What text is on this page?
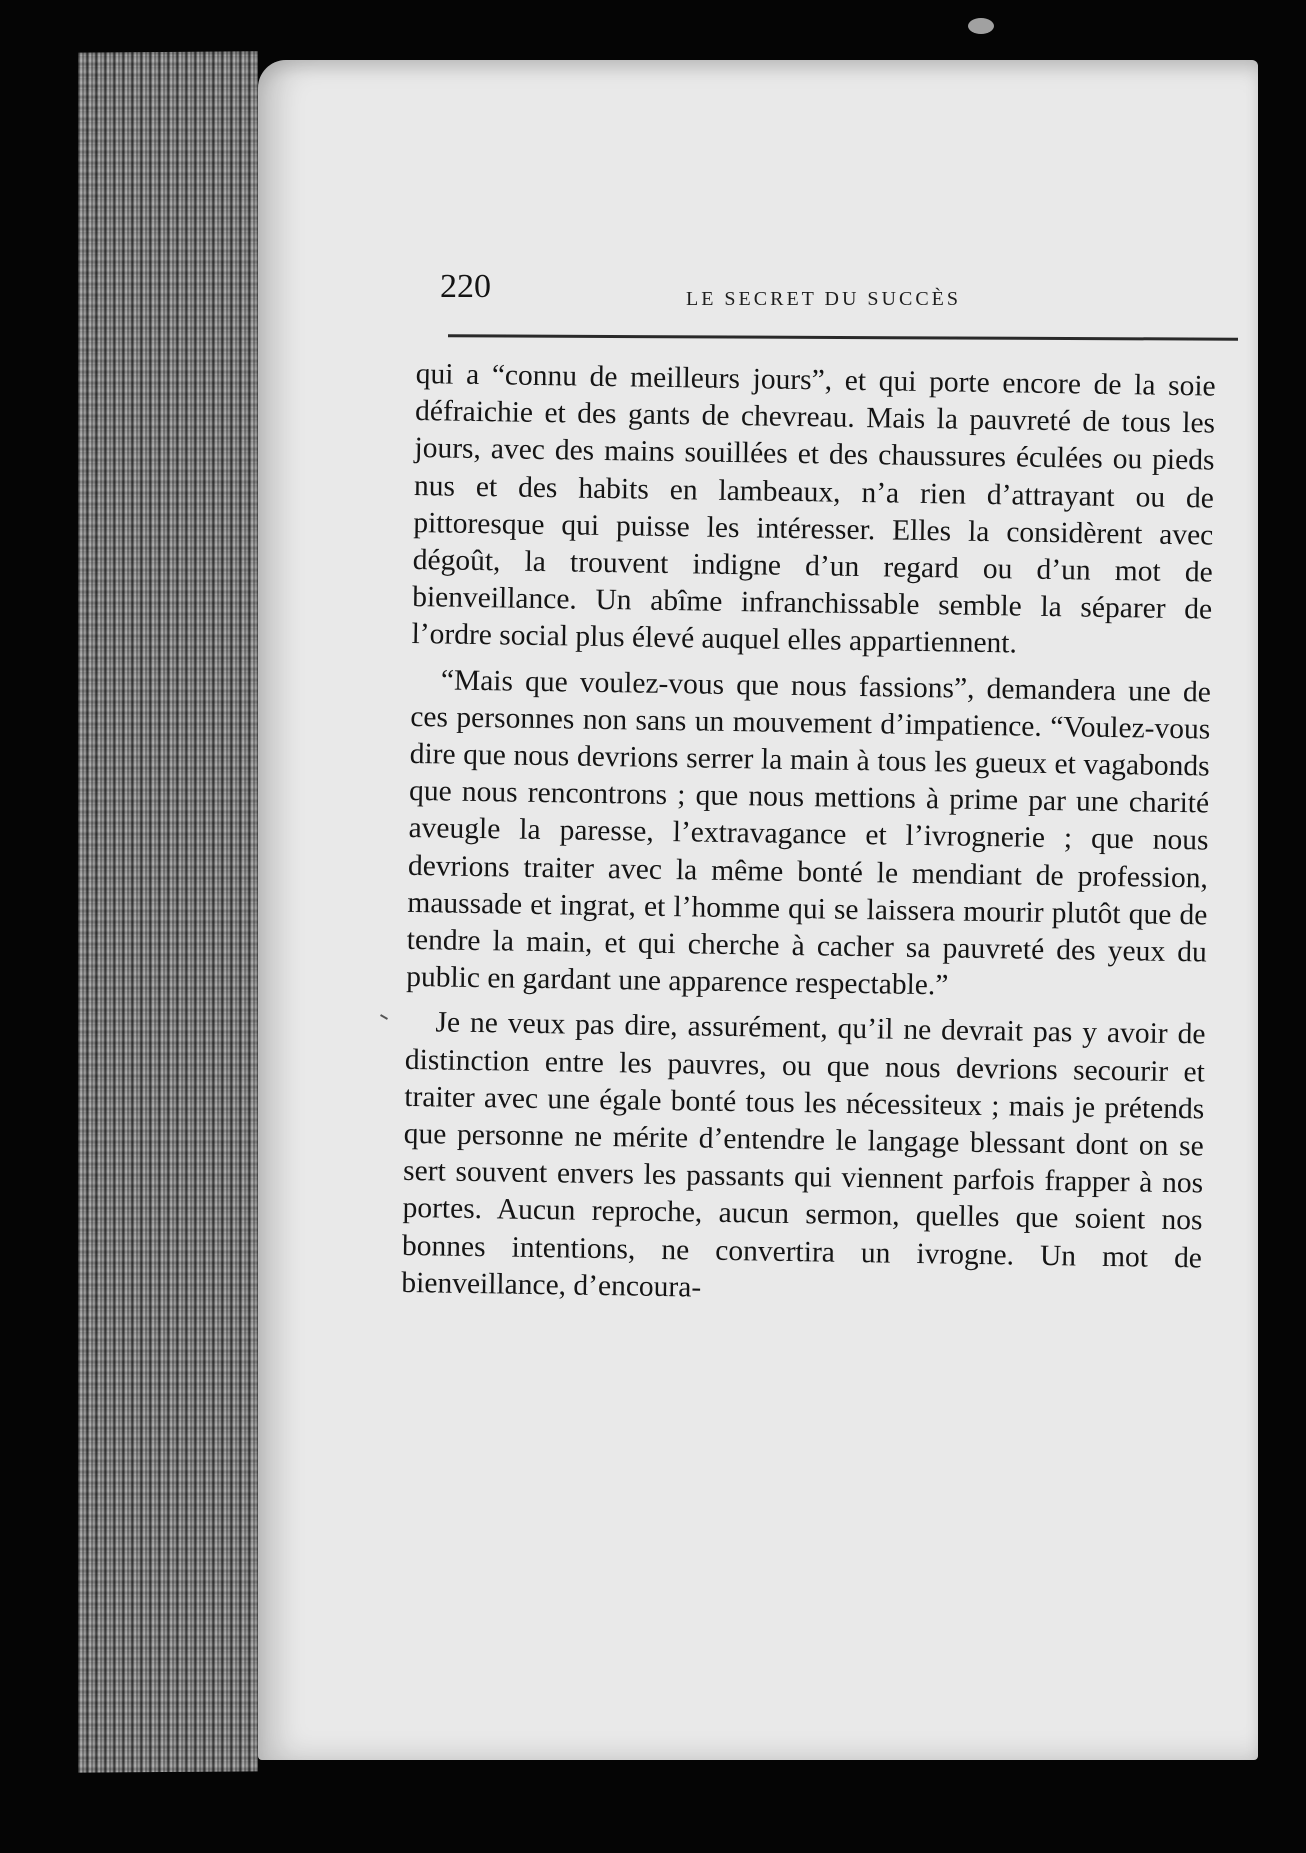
220	LE SECRET DU SUCCÈS

qui a “connu de meilleurs jours”, et qui porte encore de la soie défraichie et des gants de chevreau. Mais la pauvreté de tous les jours, avec des mains souillées et des chaussures éculées ou pieds nus et des habits en lambeaux, n’a rien d’attrayant ou de pittoresque qui puisse les intéresser. Elles la considèrent avec dégoût, la trouvent indigne d’un regard ou d’un mot de bienveillance. Un abîme infranchissable semble la séparer de l’ordre social plus élevé auquel elles appartiennent.

“Mais que voulez-vous que nous fassions”, demandera une de ces personnes non sans un mouvement d’impatience. “Voulez-vous dire que nous devrions serrer la main à tous les gueux et vagabonds que nous rencontrons ; que nous mettions à prime par une charité aveugle la paresse, l’extravagance et l’ivrognerie ; que nous devrions traiter avec la même bonté le mendiant de profession, maussade et ingrat, et l’homme qui se laissera mourir plutôt que de tendre la main, et qui cherche à cacher sa pauvreté des yeux du public en gardant une apparence respectable.”

Je ne veux pas dire, assurément, qu’il ne devrait pas y avoir de distinction entre les pauvres, ou que nous devrions secourir et traiter avec une égale bonté tous les nécessiteux ; mais je prétends que personne ne mérite d’entendre le langage blessant dont on se sert souvent envers les passants qui viennent parfois frapper à nos portes. Aucun reproche, aucun sermon, quelles que soient nos bonnes intentions, ne convertira un ivrogne. Un mot de bienveillance, d’encoura-
